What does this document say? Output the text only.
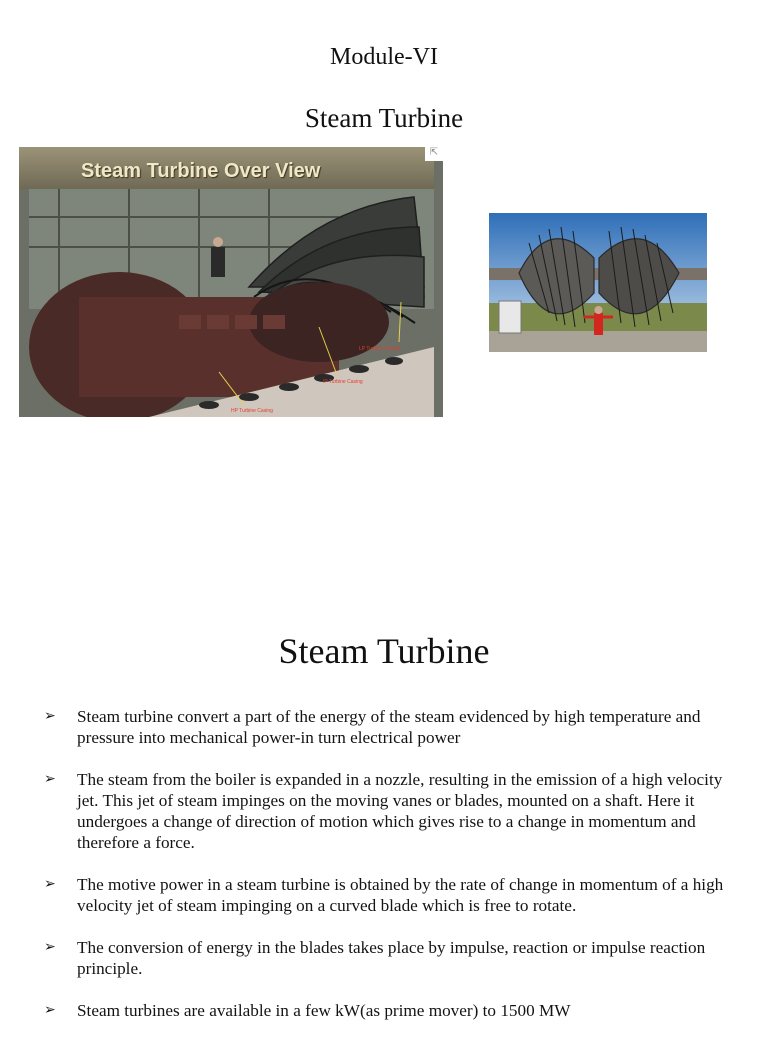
Module-VI
Steam Turbine
Steam Turbine Over View
⇱
LP Turbine Casing
IP Turbine Casing
HP Turbine Casing
Steam Turbine
➢ Steam turbine convert a part of the energy of the steam evidenced by high temperature and pressure into mechanical power-in turn electrical power
➢ The steam from the boiler is expanded in a nozzle, resulting in the emission of a high velocity jet. This jet of steam impinges on the moving vanes or blades, mounted on a shaft. Here it undergoes a change of direction of motion which gives rise to a change in momentum and therefore a force.
➢ The motive power in a steam turbine is obtained by the rate of change in momentum of a high velocity jet of steam impinging on a curved blade which is free to rotate.
➢ The conversion of energy in the blades takes place by impulse, reaction or impulse reaction principle.
➢ Steam turbines are available in a few kW(as prime mover) to 1500 MW
